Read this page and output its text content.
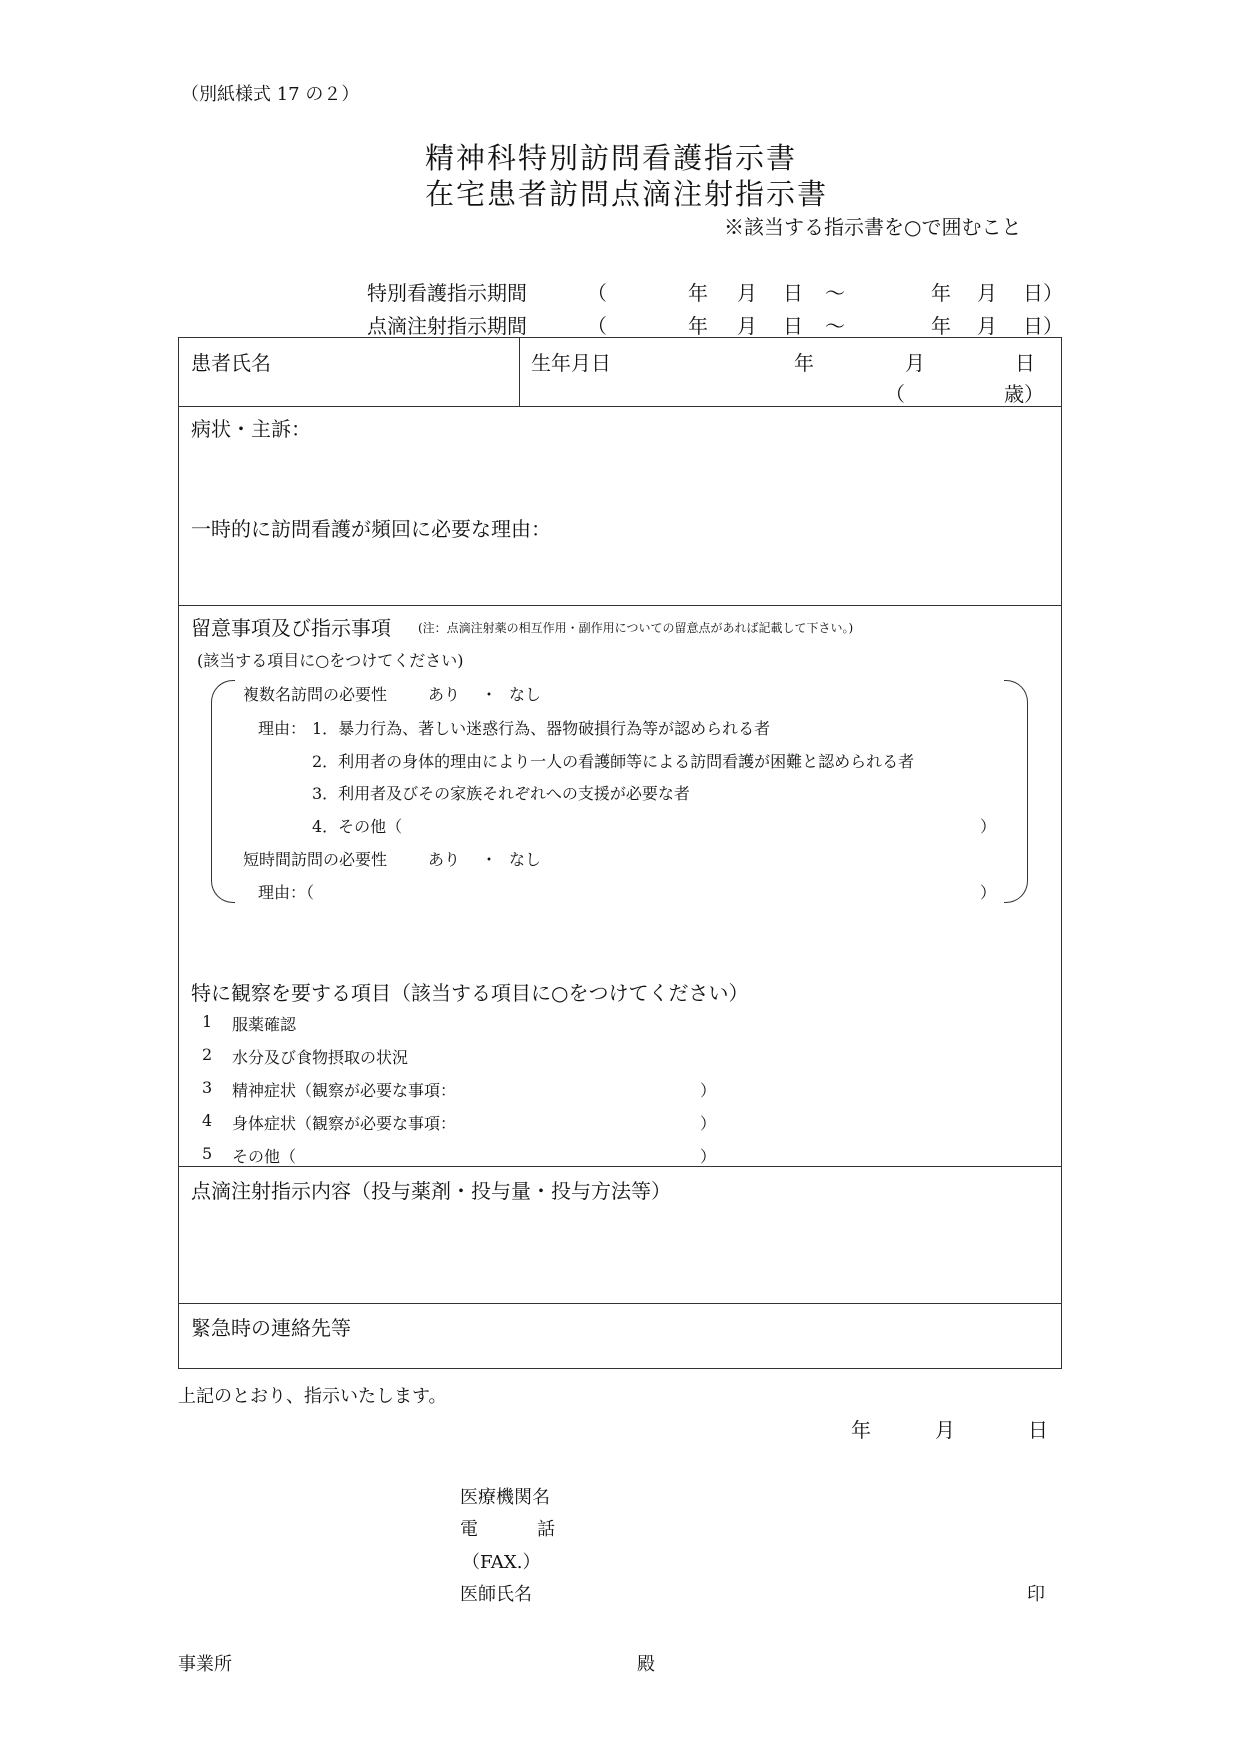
（別紙様式 17 の２）
精神科特別訪問看護指示書
在宅患者訪問点滴注射指示書
※該当する指示書を○で囲むこと
特別看護指示期間	（	年 月 日 ～	年 月 日 ）
点滴注射指示期間	（	年 月 日 ～	年 月 日 ）
患者氏名	生年月日	年	月	日
（	歳）
病状・主訴：
一時的に訪問看護が頻回に必要な理由：
留意事項及び指示事項 (注：点滴注射薬の相互作用・副作用についての留意点があれば記載して下さい。)
(該当する項目に○をつけてください)
複数名訪問の必要性	あり ・ なし
理由： 1．暴力行為、著しい迷惑行為、器物破損行為等が認められる者
2．利用者の身体的理由により一人の看護師等による訪問看護が困難と認められる者
3．利用者及びその家族それぞれへの支援が必要な者
4．その他（	）
短時間訪問の必要性	あり ・ なし
理由：（	）
特に観察を要する項目（該当する項目に○をつけてください）
1 服薬確認
2 水分及び食物摂取の状況
3 精神症状（観察が必要な事項：	）
4 身体症状（観察が必要な事項：	）
5 その他（	）
点滴注射指示内容（投与薬剤・投与量・投与方法等）
緊急時の連絡先等
上記のとおり、指示いたします。
年	月	日
医療機関名
電	話
（FAX.）
医師氏名	印
事業所	殿
